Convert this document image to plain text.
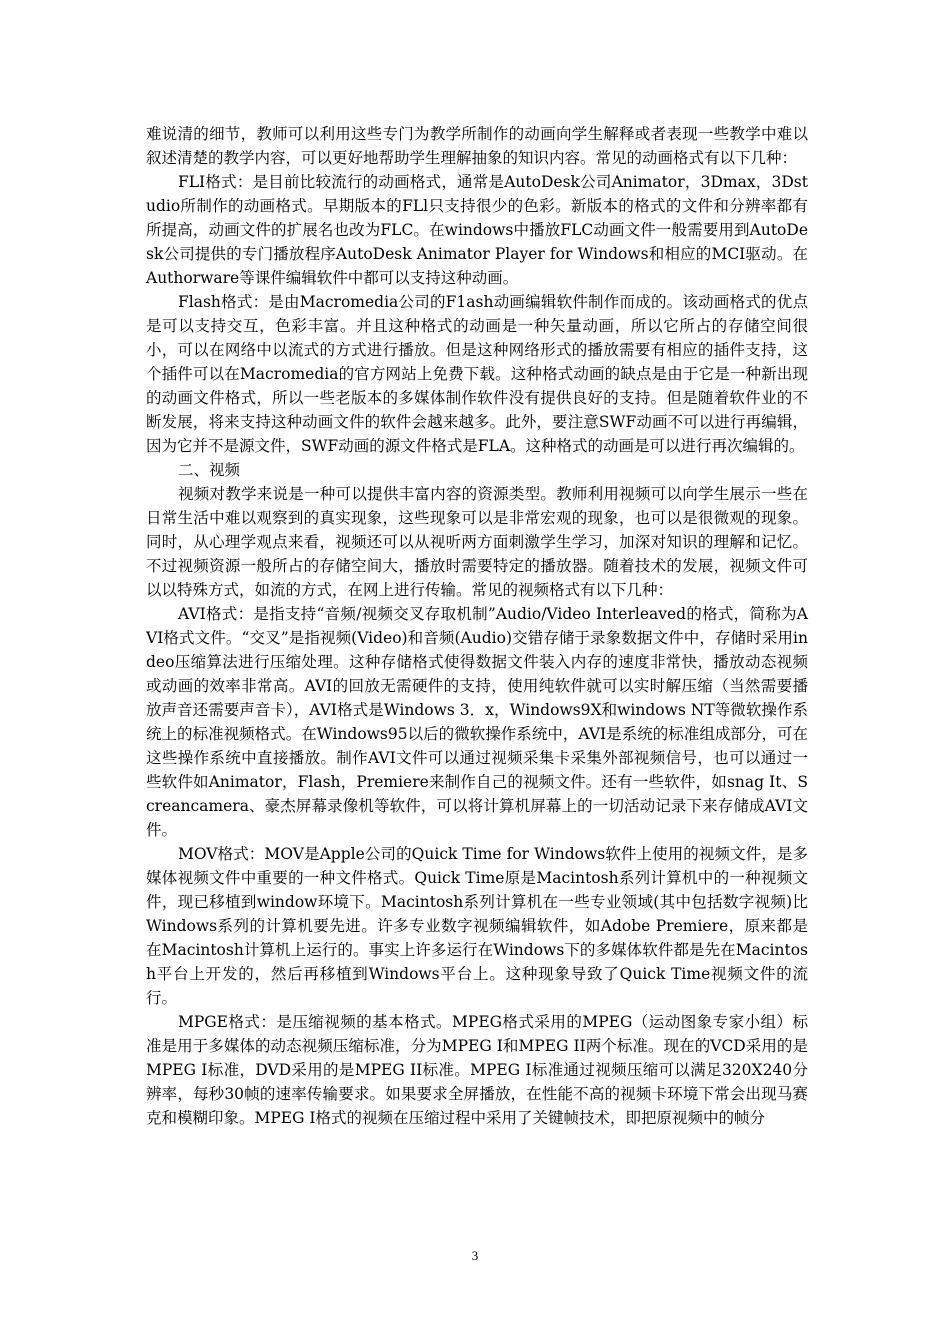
难说清的细节，教师可以利用这些专门为教学所制作的动画向学生解释或者表现一些教学中难以叙述清楚的教学内容，可以更好地帮助学生理解抽象的知识内容。常见的动画格式有以下几种：

FLI格式：是目前比较流行的动画格式，通常是AutoDesk公司Animator，3Dmax，3Dstudio所制作的动画格式。早期版本的FLl只支持很少的色彩。新版本的格式的文件和分辨率都有所提高，动画文件的扩展名也改为FLC。在windows中播放FLC动画文件一般需要用到AutoDesk公司提供的专门播放程序AutoDesk Animator Player for Windows和相应的MCI驱动。在Authorware等课件编辑软件中都可以支持这种动画。

Flash格式：是由Macromedia公司的F1ash动画编辑软件制作而成的。该动画格式的优点是可以支持交互，色彩丰富。并且这种格式的动画是一种矢量动画，所以它所占的存储空间很小，可以在网络中以流式的方式进行播放。但是这种网络形式的播放需要有相应的插件支持，这个插件可以在Macromedia的官方网站上免费下载。这种格式动画的缺点是由于它是一种新出现的动画文件格式，所以一些老版本的多媒体制作软件没有提供良好的支持。但是随着软件业的不断发展，将来支持这种动画文件的软件会越来越多。此外，要注意SWF动画不可以进行再编辑，因为它并不是源文件，SWF动画的源文件格式是FLA。这种格式的动画是可以进行再次编辑的。

二、视频

视频对教学来说是一种可以提供丰富内容的资源类型。教师利用视频可以向学生展示一些在日常生活中难以观察到的真实现象，这些现象可以是非常宏观的现象，也可以是很微观的现象。同时，从心理学观点来看，视频还可以从视听两方面刺激学生学习，加深对知识的理解和记忆。不过视频资源一般所占的存储空间大，播放时需要特定的播放器。随着技术的发展，视频文件可以以特殊方式，如流的方式，在网上进行传输。常见的视频格式有以下几种：

AVI格式：是指支持“音频/视频交叉存取机制”Audio/Video Interleaved的格式，简称为AVI格式文件。“交叉”是指视频(Video)和音频(Audio)交错存储于录象数据文件中，存储时采用indeo压缩算法进行压缩处理。这种存储格式使得数据文件装入内存的速度非常快，播放动态视频或动画的效率非常高。AVI的回放无需硬件的支持，使用纯软件就可以实时解压缩（当然需要播放声音还需要声音卡），AVI格式是Windows 3．x，Windows9X和windows NT等微软操作系统上的标准视频格式。在Windows95以后的微软操作系统中，AVI是系统的标准组成部分，可在这些操作系统中直接播放。制作AVI文件可以通过视频采集卡采集外部视频信号，也可以通过一些软件如Animator，Flash，Premiere来制作自己的视频文件。还有一些软件，如snag It、Screancamera、豪杰屏幕录像机等软件，可以将计算机屏幕上的一切活动记录下来存储成AVI文件。

MOV格式：MOV是Apple公司的Quick Time for Windows软件上使用的视频文件，是多媒体视频文件中重要的一种文件格式。Quick Time原是Macintosh系列计算机中的一种视频文件，现已移植到window环境下。Macintosh系列计算机在一些专业领域(其中包括数字视频)比Windows系列的计算机要先进。许多专业数字视频编辑软件，如Adobe Premiere，原来都是在Macintosh计算机上运行的。事实上许多运行在Windows下的多媒体软件都是先在Macintosh平台上开发的，然后再移植到Windows平台上。这种现象导致了Quick Time视频文件的流行。

MPGE格式：是压缩视频的基本格式。MPEG格式采用的MPEG（运动图象专家小组）标准是用于多媒体的动态视频压缩标准，分为MPEG I和MPEG II两个标准。现在的VCD采用的是MPEG I标准，DVD采用的是MPEG II标准。MPEG I标准通过视频压缩可以满足320X240分辨率，每秒30帧的速率传输要求。如果要求全屏播放，在性能不高的视频卡环境下常会出现马赛克和模糊印象。MPEG I格式的视频在压缩过程中采用了关键帧技术，即把原视频中的帧分

3
